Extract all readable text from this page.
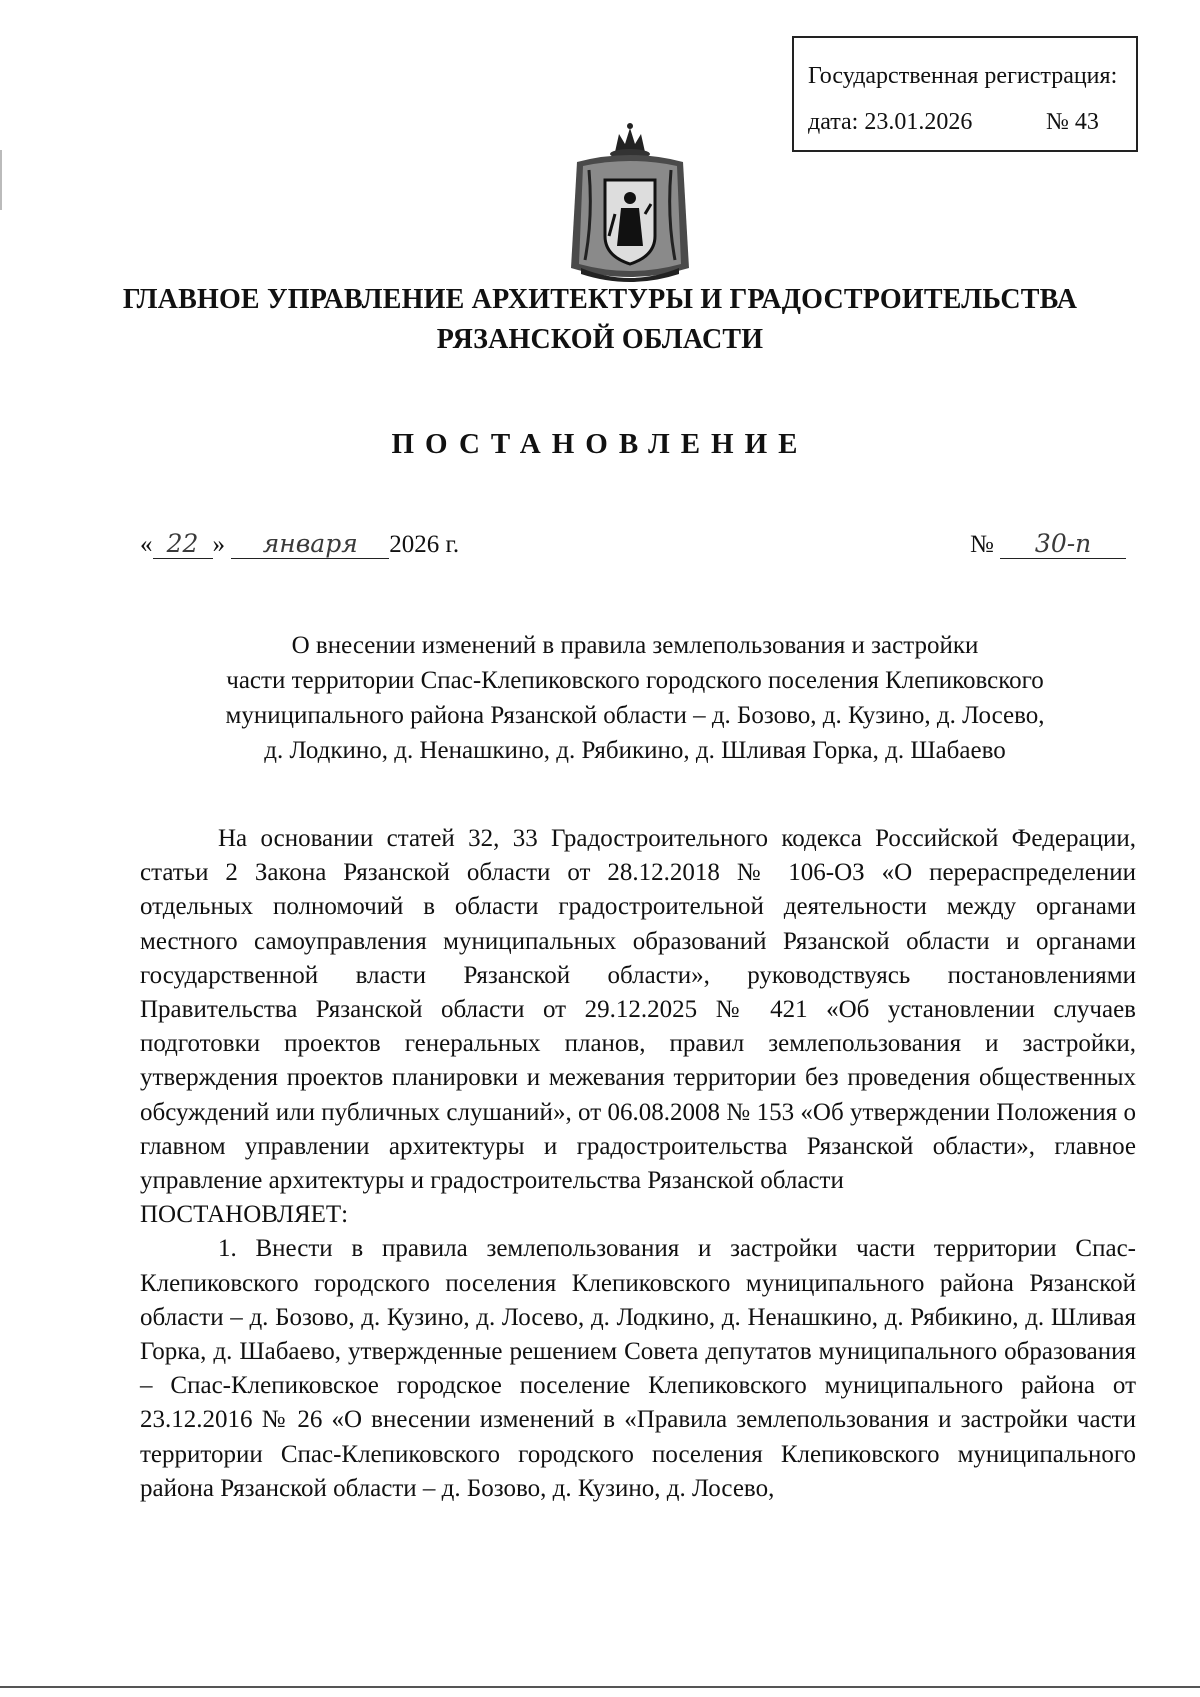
Государственная регистрация:
дата: 23.01.2026	№ 43
ГЛАВНОЕ УПРАВЛЕНИЕ АРХИТЕКТУРЫ И ГРАДОСТРОИТЕЛЬСТВА
РЯЗАНСКОЙ ОБЛАСТИ
ПОСТАНОВЛЕНИЕ
« 22 » января 2026 г.	№ 30-п
О внесении изменений в правила землепользования и застройки
части территории Спас-Клепиковского городского поселения Клепиковского
муниципального района Рязанской области – д. Бозово, д. Кузино, д. Лосево,
д. Лодкино, д. Ненашкино, д. Рябикино, д. Шливая Горка, д. Шабаево

На основании статей 32, 33 Градостроительного кодекса Российской Федерации, статьи 2 Закона Рязанской области от 28.12.2018 № 106-ОЗ «О перераспределении отдельных полномочий в области градостроительной деятельности между органами местного самоуправления муниципальных образований Рязанской области и органами государственной власти Рязанской области», руководствуясь постановлениями Правительства Рязанской области от 29.12.2025 № 421 «Об установлении случаев подготовки проектов генеральных планов, правил землепользования и застройки, утверждения проектов планировки и межевания территории без проведения общественных обсуждений или публичных слушаний», от 06.08.2008 № 153 «Об утверждении Положения о главном управлении архитектуры и градостроительства Рязанской области», главное управление архитектуры и градостроительства Рязанской области
ПОСТАНОВЛЯЕТ:

1. Внести в правила землепользования и застройки части территории Спас-Клепиковского городского поселения Клепиковского муниципального района Рязанской области – д. Бозово, д. Кузино, д. Лосево, д. Лодкино, д. Ненашкино, д. Рябикино, д. Шливая Горка, д. Шабаево, утвержденные решением Совета депутатов муниципального образования – Спас-Клепиковское городское поселение Клепиковского муниципального района от 23.12.2016 № 26 «О внесении изменений в «Правила землепользования и застройки части территории Спас-Клепиковского городского поселения Клепиковского муниципального района Рязанской области – д. Бозово, д. Кузино, д. Лосево,
